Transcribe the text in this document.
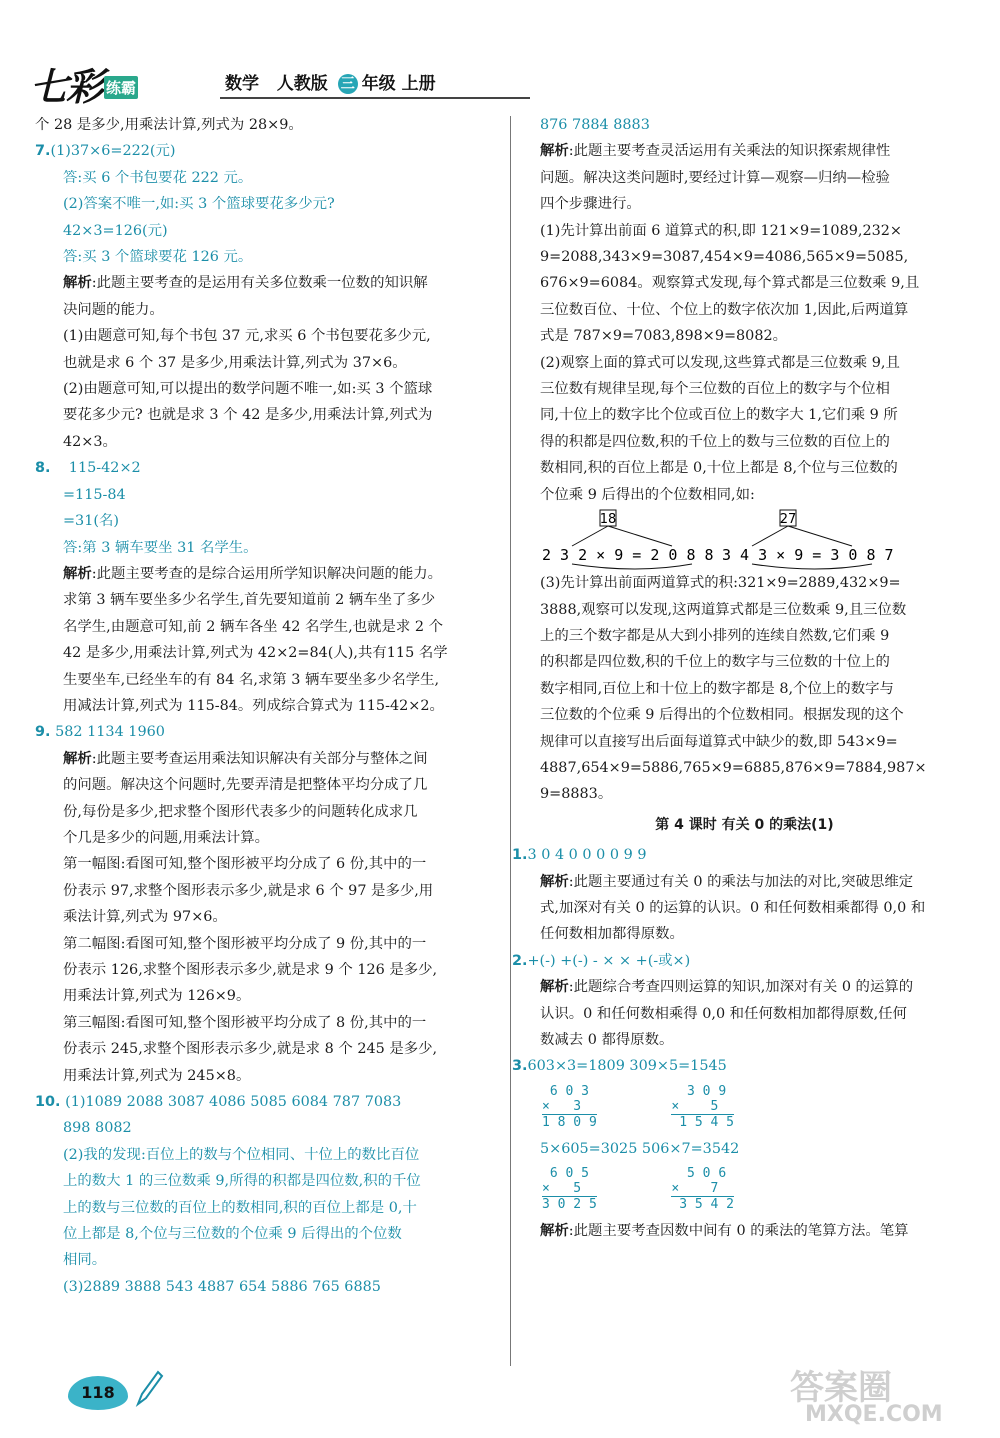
七彩 练霸	数学 人教版 三 年级 上册

个 28 是多少,用乘法计算,列式为 28×9。

7.(1)37×6=222(元)

答:买 6 个书包要花 222 元。

(2)答案不唯一,如:买 3 个篮球要花多少元?

42×3=126(元)

答:买 3 个篮球要花 126 元。

解析:此题主要考查的是运用有关多位数乘一位数的知识解

决问题的能力。

(1)由题意可知,每个书包 37 元,求买 6 个书包要花多少元,

也就是求 6 个 37 是多少,用乘法计算,列式为 37×6。

(2)由题意可知,可以提出的数学问题不唯一,如:买 3 个篮球

要花多少元? 也就是求 3 个 42 是多少,用乘法计算,列式为

42×3。

8. 115-42×2

=115-84

=31(名)

答:第 3 辆车要坐 31 名学生。

解析:此题主要考查的是综合运用所学知识解决问题的能力。

求第 3 辆车要坐多少名学生,首先要知道前 2 辆车坐了多少

名学生,由题意可知,前 2 辆车各坐 42 名学生,也就是求 2 个

42 是多少,用乘法计算,列式为 42×2=84(人),共有115 名学

生要坐车,已经坐车的有 84 名,求第 3 辆车要坐多少名学生,

用减法计算,列式为 115-84。列成综合算式为 115-42×2。

9. 582 1134 1960

解析:此题主要考查运用乘法知识解决有关部分与整体之间

的问题。解决这个问题时,先要弄清是把整体平均分成了几

份,每份是多少,把求整个图形代表多少的问题转化成求几

个几是多少的问题,用乘法计算。

第一幅图:看图可知,整个图形被平均分成了 6 份,其中的一

份表示 97,求整个图形表示多少,就是求 6 个 97 是多少,用

乘法计算,列式为 97×6。

第二幅图:看图可知,整个图形被平均分成了 9 份,其中的一

份表示 126,求整个图形表示多少,就是求 9 个 126 是多少,

用乘法计算,列式为 126×9。

第三幅图:看图可知,整个图形被平均分成了 8 份,其中的一

份表示 245,求整个图形表示多少,就是求 8 个 245 是多少,

用乘法计算,列式为 245×8。

10. (1)1089 2088 3087 4086 5085 6084 787 7083

898 8082

(2)我的发现:百位上的数与个位相同、十位上的数比百位

上的数大 1 的三位数乘 9,所得的积都是四位数,积的千位

上的数与三位数的百位上的数相同,积的百位上都是 0,十

位上都是 8,个位与三位数的个位乘 9 后得出的个位数

相同。

(3)2889 3888 543 4887 654 5886 765 6885

876 7884 8883

解析:此题主要考查灵活运用有关乘法的知识探索规律性

问题。解决这类问题时,要经过计算—观察—归纳—检验

四个步骤进行。

(1)先计算出前面 6 道算式的积,即 121×9=1089,232×

9=2088,343×9=3087,454×9=4086,565×9=5085,

676×9=6084。观察算式发现,每个算式都是三位数乘 9,且

三位数百位、十位、个位上的数字依次加 1,因此,后两道算

式是 787×9=7083,898×9=8082。

(2)观察上面的算式可以发现,这些算式都是三位数乘 9,且

三位数有规律呈现,每个三位数的百位上的数字与个位相

同,十位上的数字比个位或百位上的数字大 1,它们乘 9 所

得的积都是四位数,积的千位上的数与三位数的百位上的

数相同,积的百位上都是 0,十位上都是 8,个位与三位数的

个位乘 9 后得出的个位数相同,如:

18
2 3 2 × 9 = 2 0 8 8
27
3 4 3 × 9 = 3 0 8 7

(3)先计算出前面两道算式的积:321×9=2889,432×9=

3888,观察可以发现,这两道算式都是三位数乘 9,且三位数

上的三个数字都是从大到小排列的连续自然数,它们乘 9

的积都是四位数,积的千位上的数字与三位数的十位上的

数字相同,百位上和十位上的数字都是 8,个位上的数字与

三位数的个位乘 9 后得出的个位数相同。根据发现的这个

规律可以直接写出后面每道算式中缺少的数,即 543×9=

4887,654×9=5886,765×9=6885,876×9=7884,987×

9=8883。

第 4 课时 有关 0 的乘法(1)

1.3 0 4 0 0 0 0 9 9

解析:此题主要通过有关 0 的乘法与加法的对比,突破思维定

式,加深对有关 0 的运算的认识。0 和任何数相乘都得 0,0 和

任何数相加都得原数。

2.+(-) +(-) - × × +(-或×)

解析:此题综合考查四则运算的知识,加深对有关 0 的运算的

认识。0 和任何数相乘得 0,0 和任何数相加都得原数,任何

数减去 0 都得原数。

3.603×3=1809 309×5=1545

6 0 3
×   3
1 8 0 9

3 0 9
×    5
1 5 4 5

5×605=3025 506×7=3542

6 0 5
×   5
3 0 2 5

5 0 6
×    7
3 5 4 2

解析:此题主要考查因数中间有 0 的乘法的笔算方法。笔算

118	答案圈
MXQE.COM
